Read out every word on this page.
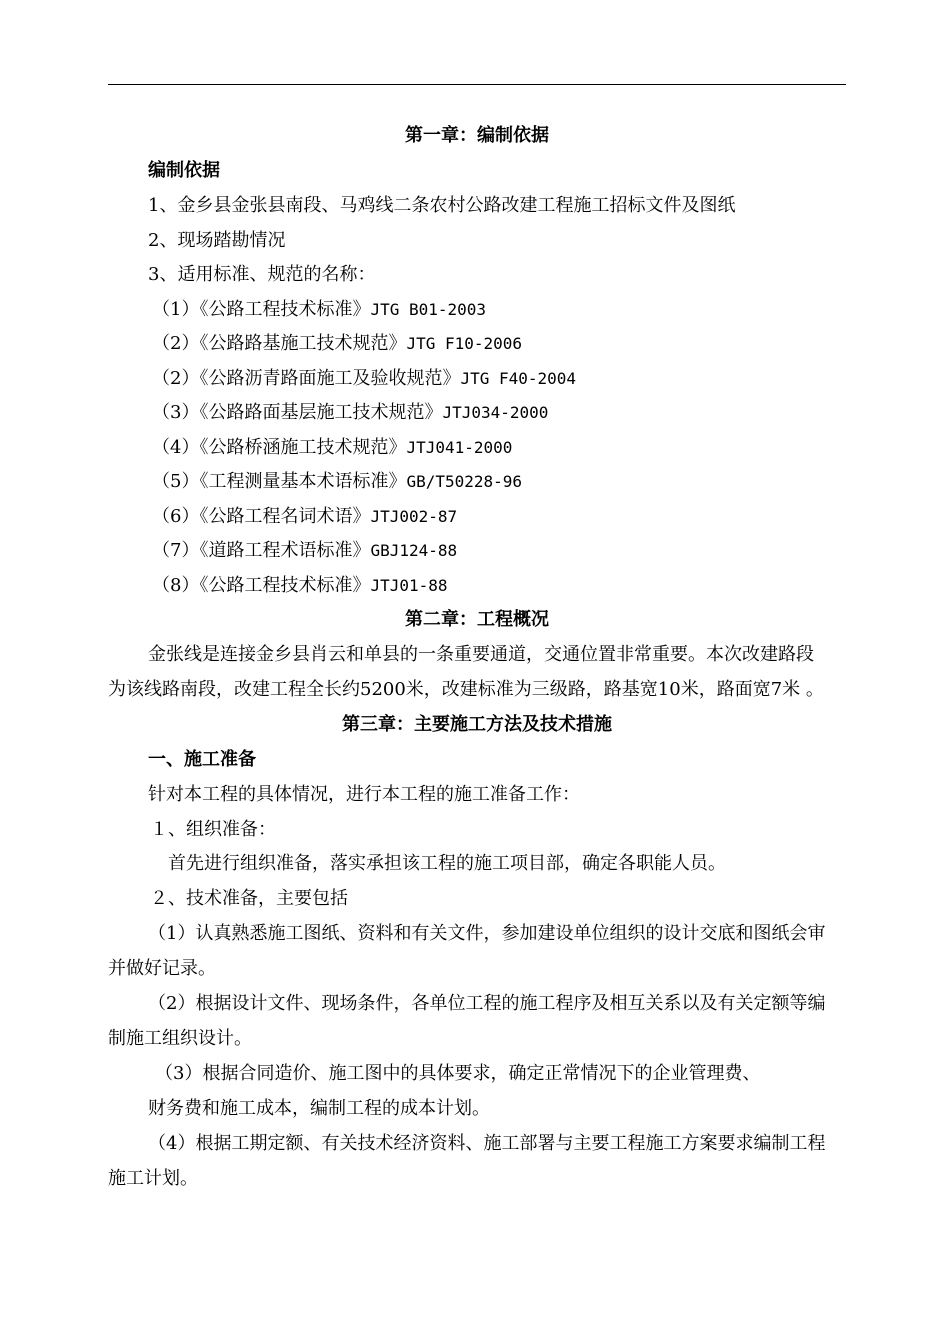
第一章：编制依据
编制依据
1、金乡县金张县南段、马鸡线二条农村公路改建工程施工招标文件及图纸
2、现场踏勘情况
3、适用标准、规范的名称：
（1）《公路工程技术标准》JTG B01-2003
（2）《公路路基施工技术规范》JTG F10-2006
（2）《公路沥青路面施工及验收规范》JTG F40-2004
（3）《公路路面基层施工技术规范》JTJ034-2000
（4）《公路桥涵施工技术规范》JTJ041-2000
（5）《工程测量基本术语标准》GB/T50228-96
（6）《公路工程名词术语》JTJ002-87
（7）《道路工程术语标准》GBJ124-88
（8）《公路工程技术标准》JTJ01-88
第二章：工程概况
金张线是连接金乡县肖云和单县的一条重要通道，交通位置非常重要。本次改建路段
为该线路南段，改建工程全长约5200米，改建标准为三级路，路基宽10米，路面宽7米 。
第三章：主要施工方法及技术措施
一、施工准备
针对本工程的具体情况，进行本工程的施工准备工作：
１、组织准备：
首先进行组织准备，落实承担该工程的施工项目部，确定各职能人员。
２、技术准备，主要包括
（1）认真熟悉施工图纸、资料和有关文件，参加建设单位组织的设计交底和图纸会审
并做好记录。
（2）根据设计文件、现场条件，各单位工程的施工程序及相互关系以及有关定额等编
制施工组织设计。
（3）根据合同造价、施工图中的具体要求，确定正常情况下的企业管理费、
财务费和施工成本，编制工程的成本计划。
（4）根据工期定额、有关技术经济资料、施工部署与主要工程施工方案要求编制工程
施工计划。
